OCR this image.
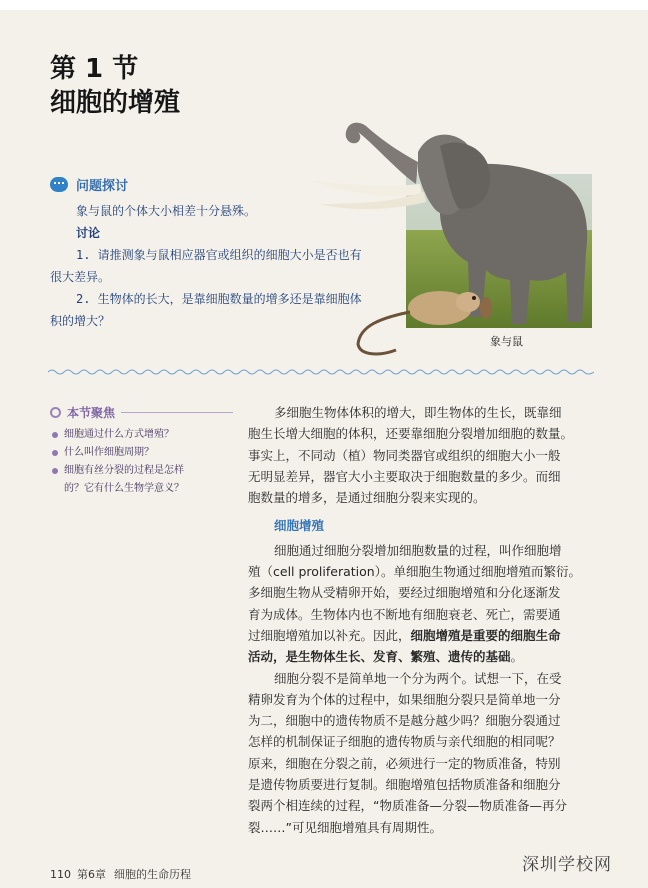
第 1 节
细胞的增殖
问题探讨
象与鼠的个体大小相差十分悬殊。
讨论
1. 请推测象与鼠相应器官或组织的细胞大小是否也有
很大差异。
2. 生物体的长大，是靠细胞数量的增多还是靠细胞体
积的增大？
象与鼠
本节聚焦
细胞通过什么方式增殖？
什么叫作细胞周期？
细胞有丝分裂的过程是怎样
的？它有什么生物学意义？
多细胞生物体体积的增大，即生物体的生长，既靠细
胞生长增大细胞的体积，还要靠细胞分裂增加细胞的数量。
事实上，不同动（植）物同类器官或组织的细胞大小一般
无明显差异，器官大小主要取决于细胞数量的多少。而细
胞数量的增多，是通过细胞分裂来实现的。
细胞增殖
细胞通过细胞分裂增加细胞数量的过程，叫作细胞增
殖（cell proliferation）。单细胞生物通过细胞增殖而繁衍。
多细胞生物从受精卵开始，要经过细胞增殖和分化逐渐发
育为成体。生物体内也不断地有细胞衰老、死亡，需要通
过细胞增殖加以补充。因此，细胞增殖是重要的细胞生命
活动，是生物体生长、发育、繁殖、遗传的基础。
细胞分裂不是简单地一个分为两个。试想一下，在受
精卵发育为个体的过程中，如果细胞分裂只是简单地一分
为二，细胞中的遗传物质不是越分越少吗？细胞分裂通过
怎样的机制保证子细胞的遗传物质与亲代细胞的相同呢？
原来，细胞在分裂之前，必须进行一定的物质准备，特别
是遗传物质要进行复制。细胞增殖包括物质准备和细胞分
裂两个相连续的过程，“物质准备—分裂—物质准备—再分
裂……”可见细胞增殖具有周期性。
110 第6章 细胞的生命历程	深圳学校网
